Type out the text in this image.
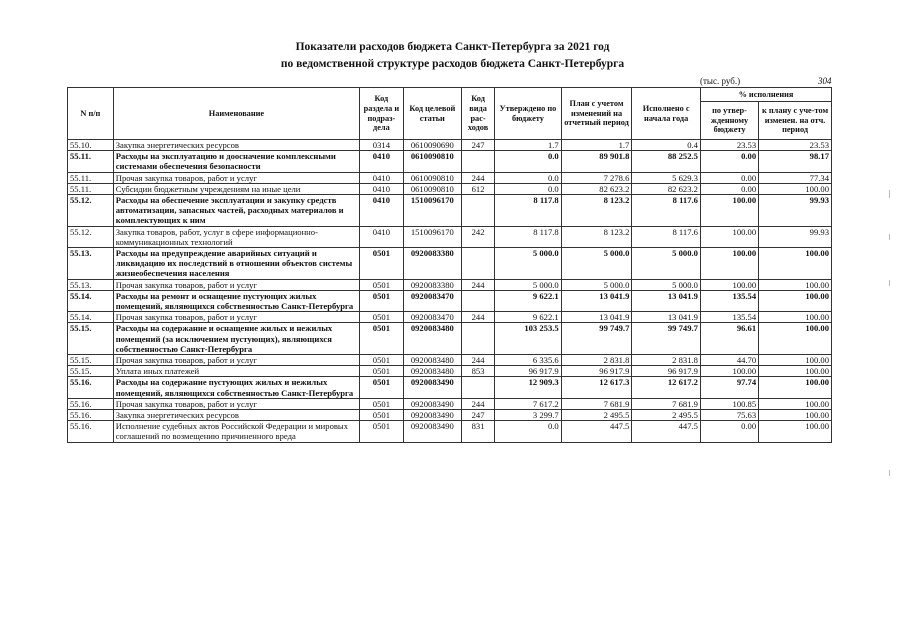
Показатели расходов бюджета Санкт-Петербурга за 2021 год
по ведомственной структуре расходов бюджета Санкт-Петербурга
(тыс. руб.)	304
N п/п	Наименование	Код раздела и подраз-дела	Код целевой статьи	Код вида рас-ходов	Утверждено по бюджету	План с учетом изменений на отчетный период	Исполнено с начала года	% исполнения	
								по утвер-жденному бюджету	к плану с уче-том изменен. на отч. период
55.10.	Закупка энергетических ресурсов	0314	0610090690	247	1.7	1.7	0.4	23.53	23.53
55.11.	Расходы на эксплуатацию и доосначение комплексными системами обеспечения безопасности	0410	0610090810		0.0	89 901.8	88 252.5	0.00	98.17
55.11.	Прочая закупка товаров, работ и услуг	0410	0610090810	244	0.0	7 278.6	5 629.3	0.00	77.34
55.11.	Субсидии бюджетным учреждениям на иные цели	0410	0610090810	612	0.0	82 623.2	82 623.2	0.00	100.00
55.12.	Расходы на обеспечение эксплуатации и закупку средств автоматизации, запасных частей, расходных материалов и комплектующих к ним	0410	1510096170		8 117.8	8 123.2	8 117.6	100.00	99.93
55.12.	Закупка товаров, работ, услуг в сфере информационно-коммуникационных технологий	0410	1510096170	242	8 117.8	8 123.2	8 117.6	100.00	99.93
55.13.	Расходы на предупреждение аварийных ситуаций и ликвидацию их последствий в отношении объектов системы жизнеобеспечения населения	0501	0920083380		5 000.0	5 000.0	5 000.0	100.00	100.00
55.13.	Прочая закупка товаров, работ и услуг	0501	0920083380	244	5 000.0	5 000.0	5 000.0	100.00	100.00
55.14.	Расходы на ремонт и оснащение пустующих жилых помещений, являющихся собственностью Санкт-Петербурга	0501	0920083470		9 622.1	13 041.9	13 041.9	135.54	100.00
55.14.	Прочая закупка товаров, работ и услуг	0501	0920083470	244	9 622.1	13 041.9	13 041.9	135.54	100.00
55.15.	Расходы на содержание и оснащение жилых и нежилых помещений (за исключением пустующих), являющихся собственностью Санкт-Петербурга	0501	0920083480		103 253.5	99 749.7	99 749.7	96.61	100.00
55.15.	Прочая закупка товаров, работ и услуг	0501	0920083480	244	6 335.6	2 831.8	2 831.8	44.70	100.00
55.15.	Уплата иных платежей	0501	0920083480	853	96 917.9	96 917.9	96 917.9	100.00	100.00
55.16.	Расходы на содержание пустующих жилых и нежилых помещений, являющихся собственностью Санкт-Петербурга	0501	0920083490		12 909.3	12 617.3	12 617.2	97.74	100.00
55.16.	Прочая закупка товаров, работ и услуг	0501	0920083490	244	7 617.2	7 681.9	7 681.9	100.85	100.00
55.16.	Закупка энергетических ресурсов	0501	0920083490	247	3 299.7	2 495.5	2 495.5	75.63	100.00
55.16.	Исполнение судебных актов Российской Федерации и мировых соглашений по возмещению причиненного вреда	0501	0920083490	831	0.0	447.5	447.5	0.00	100.00
